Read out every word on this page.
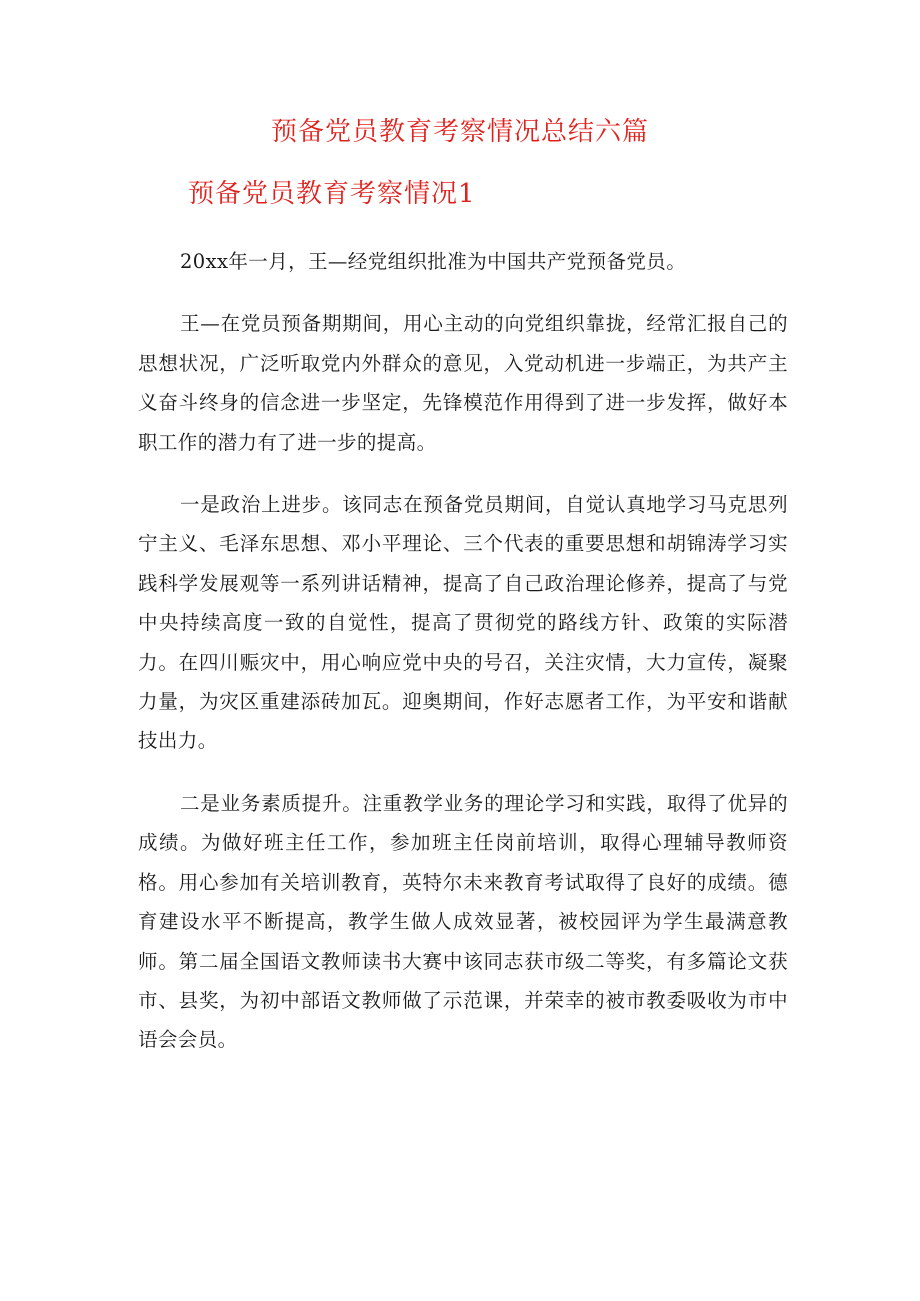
预备党员教育考察情况总结六篇
预备党员教育考察情况1

20xx年一月，王—经党组织批准为中国共产党预备党员。

王—在党员预备期期间，用心主动的向党组织靠拢，经常汇报自己的思想状况，广泛听取党内外群众的意见，入党动机进一步端正，为共产主义奋斗终身的信念进一步坚定，先锋模范作用得到了进一步发挥，做好本职工作的潜力有了进一步的提高。

一是政治上进步。该同志在预备党员期间，自觉认真地学习马克思列宁主义、毛泽东思想、邓小平理论、三个代表的重要思想和胡锦涛学习实践科学发展观等一系列讲话精神，提高了自己政治理论修养，提高了与党中央持续高度一致的自觉性，提高了贯彻党的路线方针、政策的实际潜力。在四川赈灾中，用心响应党中央的号召，关注灾情，大力宣传，凝聚力量，为灾区重建添砖加瓦。迎奥期间，作好志愿者工作，为平安和谐献技出力。

二是业务素质提升。注重教学业务的理论学习和实践，取得了优异的成绩。为做好班主任工作，参加班主任岗前培训，取得心理辅导教师资格。用心参加有关培训教育，英特尔未来教育考试取得了良好的成绩。德育建设水平不断提高，教学生做人成效显著，被校园评为学生最满意教师。第二届全国语文教师读书大赛中该同志获市级二等奖，有多篇论文获市、县奖，为初中部语文教师做了示范课，并荣幸的被市教委吸收为市中语会会员。
